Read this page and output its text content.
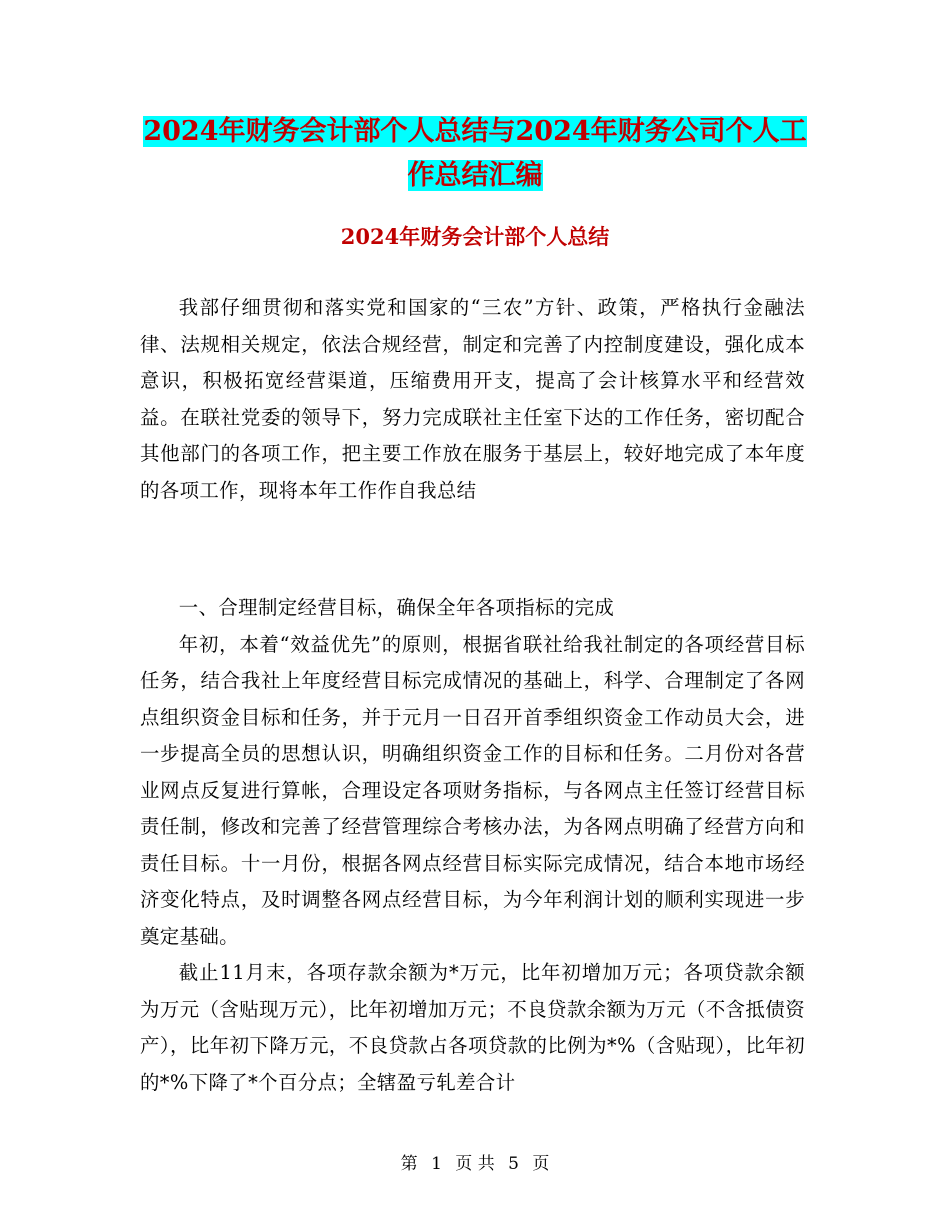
2024年财务会计部个人总结与2024年财务公司个人工
作总结汇编
2024年财务会计部个人总结

我部仔细贯彻和落实党和国家的“三农”方针、政策，严格执行金融法律、法规相关规定，依法合规经营，制定和完善了内控制度建设，强化成本意识，积极拓宽经营渠道，压缩费用开支，提高了会计核算水平和经营效益。在联社党委的领导下，努力完成联社主任室下达的工作任务，密切配合其他部门的各项工作，把主要工作放在服务于基层上，较好地完成了本年度的各项工作，现将本年工作作自我总结

一、合理制定经营目标，确保全年各项指标的完成

年初，本着“效益优先”的原则，根据省联社给我社制定的各项经营目标任务，结合我社上年度经营目标完成情况的基础上，科学、合理制定了各网点组织资金目标和任务，并于元月一日召开首季组织资金工作动员大会，进一步提高全员的思想认识，明确组织资金工作的目标和任务。二月份对各营业网点反复进行算帐，合理设定各项财务指标，与各网点主任签订经营目标责任制，修改和完善了经营管理综合考核办法，为各网点明确了经营方向和责任目标。十一月份，根据各网点经营目标实际完成情况，结合本地市场经济变化特点，及时调整各网点经营目标，为今年利润计划的顺利实现进一步奠定基础。

截止11月末，各项存款余额为*万元，比年初增加万元；各项贷款余额为万元（含贴现万元），比年初增加万元；不良贷款余额为万元（不含抵债资产），比年初下降万元，不良贷款占各项贷款的比例为*%（含贴现），比年初的*%下降了*个百分点；全辖盈亏轧差合计

第 1 页 共 5 页
